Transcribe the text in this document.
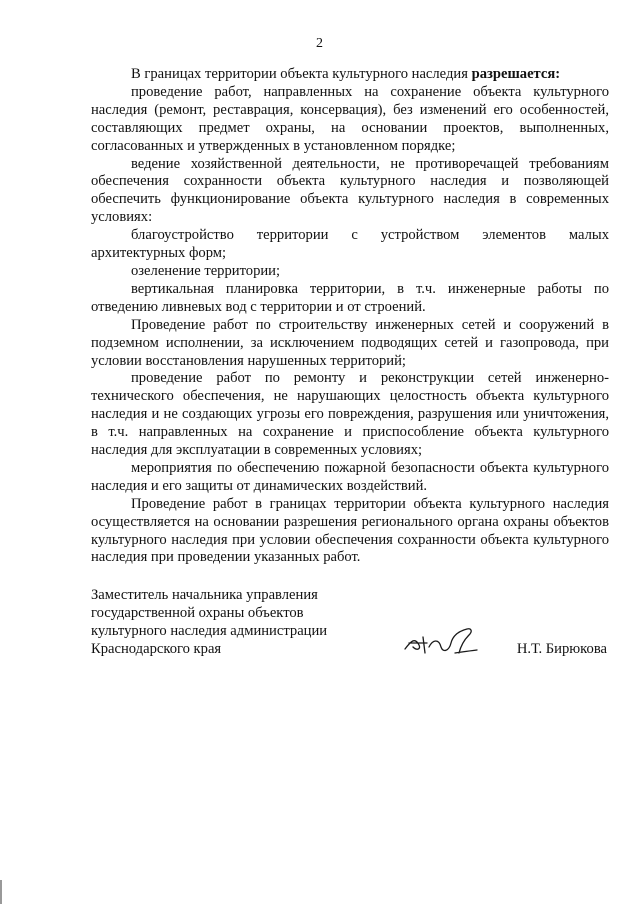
2

В границах территории объекта культурного наследия разрешается:

проведение работ, направленных на сохранение объекта культурного наследия (ремонт, реставрация, консервация), без изменений его особенностей, составляющих предмет охраны, на основании проектов, выполненных, согласованных и утвержденных в установленном порядке;

ведение хозяйственной деятельности, не противоречащей требованиям обеспечения сохранности объекта культурного наследия и позволяющей обеспечить функционирование объекта культурного наследия в современных условиях:

благоустройство территории с устройством элементов малых архитектурных форм;

озеленение территории;

вертикальная планировка территории, в т.ч. инженерные работы по отведению ливневых вод с территории и от строений.

Проведение работ по строительству инженерных сетей и сооружений в подземном исполнении, за исключением подводящих сетей и газопровода, при условии восстановления нарушенных территорий;

проведение работ по ремонту и реконструкции сетей инженерно-технического обеспечения, не нарушающих целостность объекта культурного наследия и не создающих угрозы его повреждения, разрушения или уничтожения, в т.ч. направленных на сохранение и приспособление объекта культурного наследия для эксплуатации в современных условиях;

мероприятия по обеспечению пожарной безопасности объекта культурного наследия и его защиты от динамических воздействий.

Проведение работ в границах территории объекта культурного наследия осуществляется на основании разрешения регионального органа охраны объектов культурного наследия при условии обеспечения сохранности объекта культурного наследия при проведении указанных работ.

Заместитель начальника управления
государственной охраны объектов
культурного наследия администрации
Краснодарского края	Н.Т. Бирюкова
